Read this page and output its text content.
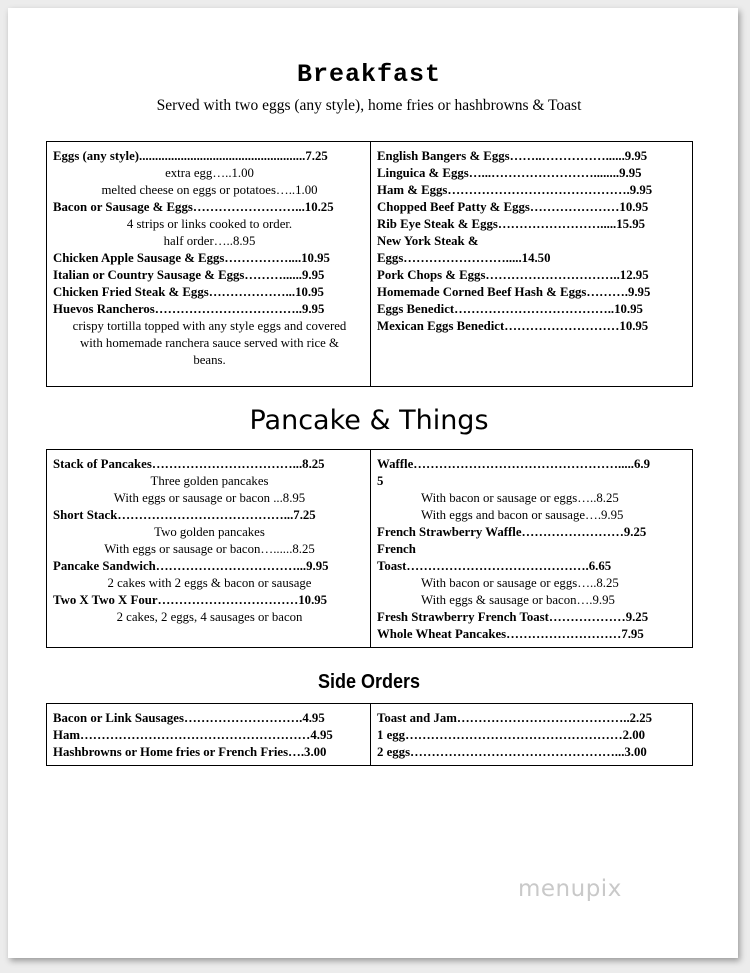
Breakfast
Served with two eggs (any style), home fries or hashbrowns & Toast
Eggs (any style)....................................................7.25
extra egg…..1.00
melted cheese on eggs or potatoes…..1.00
Bacon or Sausage & Eggs……………………...10.25
4 strips or links cooked to order.
half order…..8.95
Chicken Apple Sausage & Eggs……………....10.95
Italian or Country Sausage & Eggs………......9.95
Chicken Fried Steak & Eggs………………...10.95
Huevos Rancheros……………………………..9.95
crispy tortilla topped with any style eggs and covered
with homemade ranchera sauce served with rice &
beans.
English Bangers & Eggs……..……………......9.95
Linguica & Eggs…...……………………........9.95
Ham & Eggs…………………………………….9.95
Chopped Beef Patty & Eggs…………………10.95
Rib Eye Steak & Eggs…………………….....15.95
New York Steak &
Eggs…………………….....14.50
Pork Chops & Eggs…………………………..12.95
Homemade Corned Beef Hash & Eggs……….9.95
Eggs Benedict………………………………..10.95
Mexican Eggs Benedict………………………10.95
Pancake & Things
Stack of Pancakes……………………………...8.25
Three golden pancakes
With eggs or sausage or bacon ...8.95
Short Stack…………………………………...7.25
Two golden pancakes
With eggs or sausage or bacon…......8.25
Pancake Sandwich……………………………...9.95
2 cakes with 2 eggs & bacon or sausage
Two X Two X Four……………………………10.95
2 cakes, 2 eggs, 4 sausages or bacon
Waffle………………………………………….....6.9
5
With bacon or sausage or eggs…..8.25
With eggs and bacon or sausage….9.95
French Strawberry Waffle……………………9.25
French
Toast…………………………………….6.65
With bacon or sausage or eggs…..8.25
With eggs & sausage or bacon….9.95
Fresh Strawberry French Toast………………9.25
Whole Wheat Pancakes………………………7.95
Side Orders
Bacon or Link Sausages……………………….4.95
Ham………………………………………………4.95
Hashbrowns or Home fries or French Fries….3.00
Toast and Jam…………………………………..2.25
1 egg……………………………………………2.00
2 eggs…………………………………………...3.00
menupix
